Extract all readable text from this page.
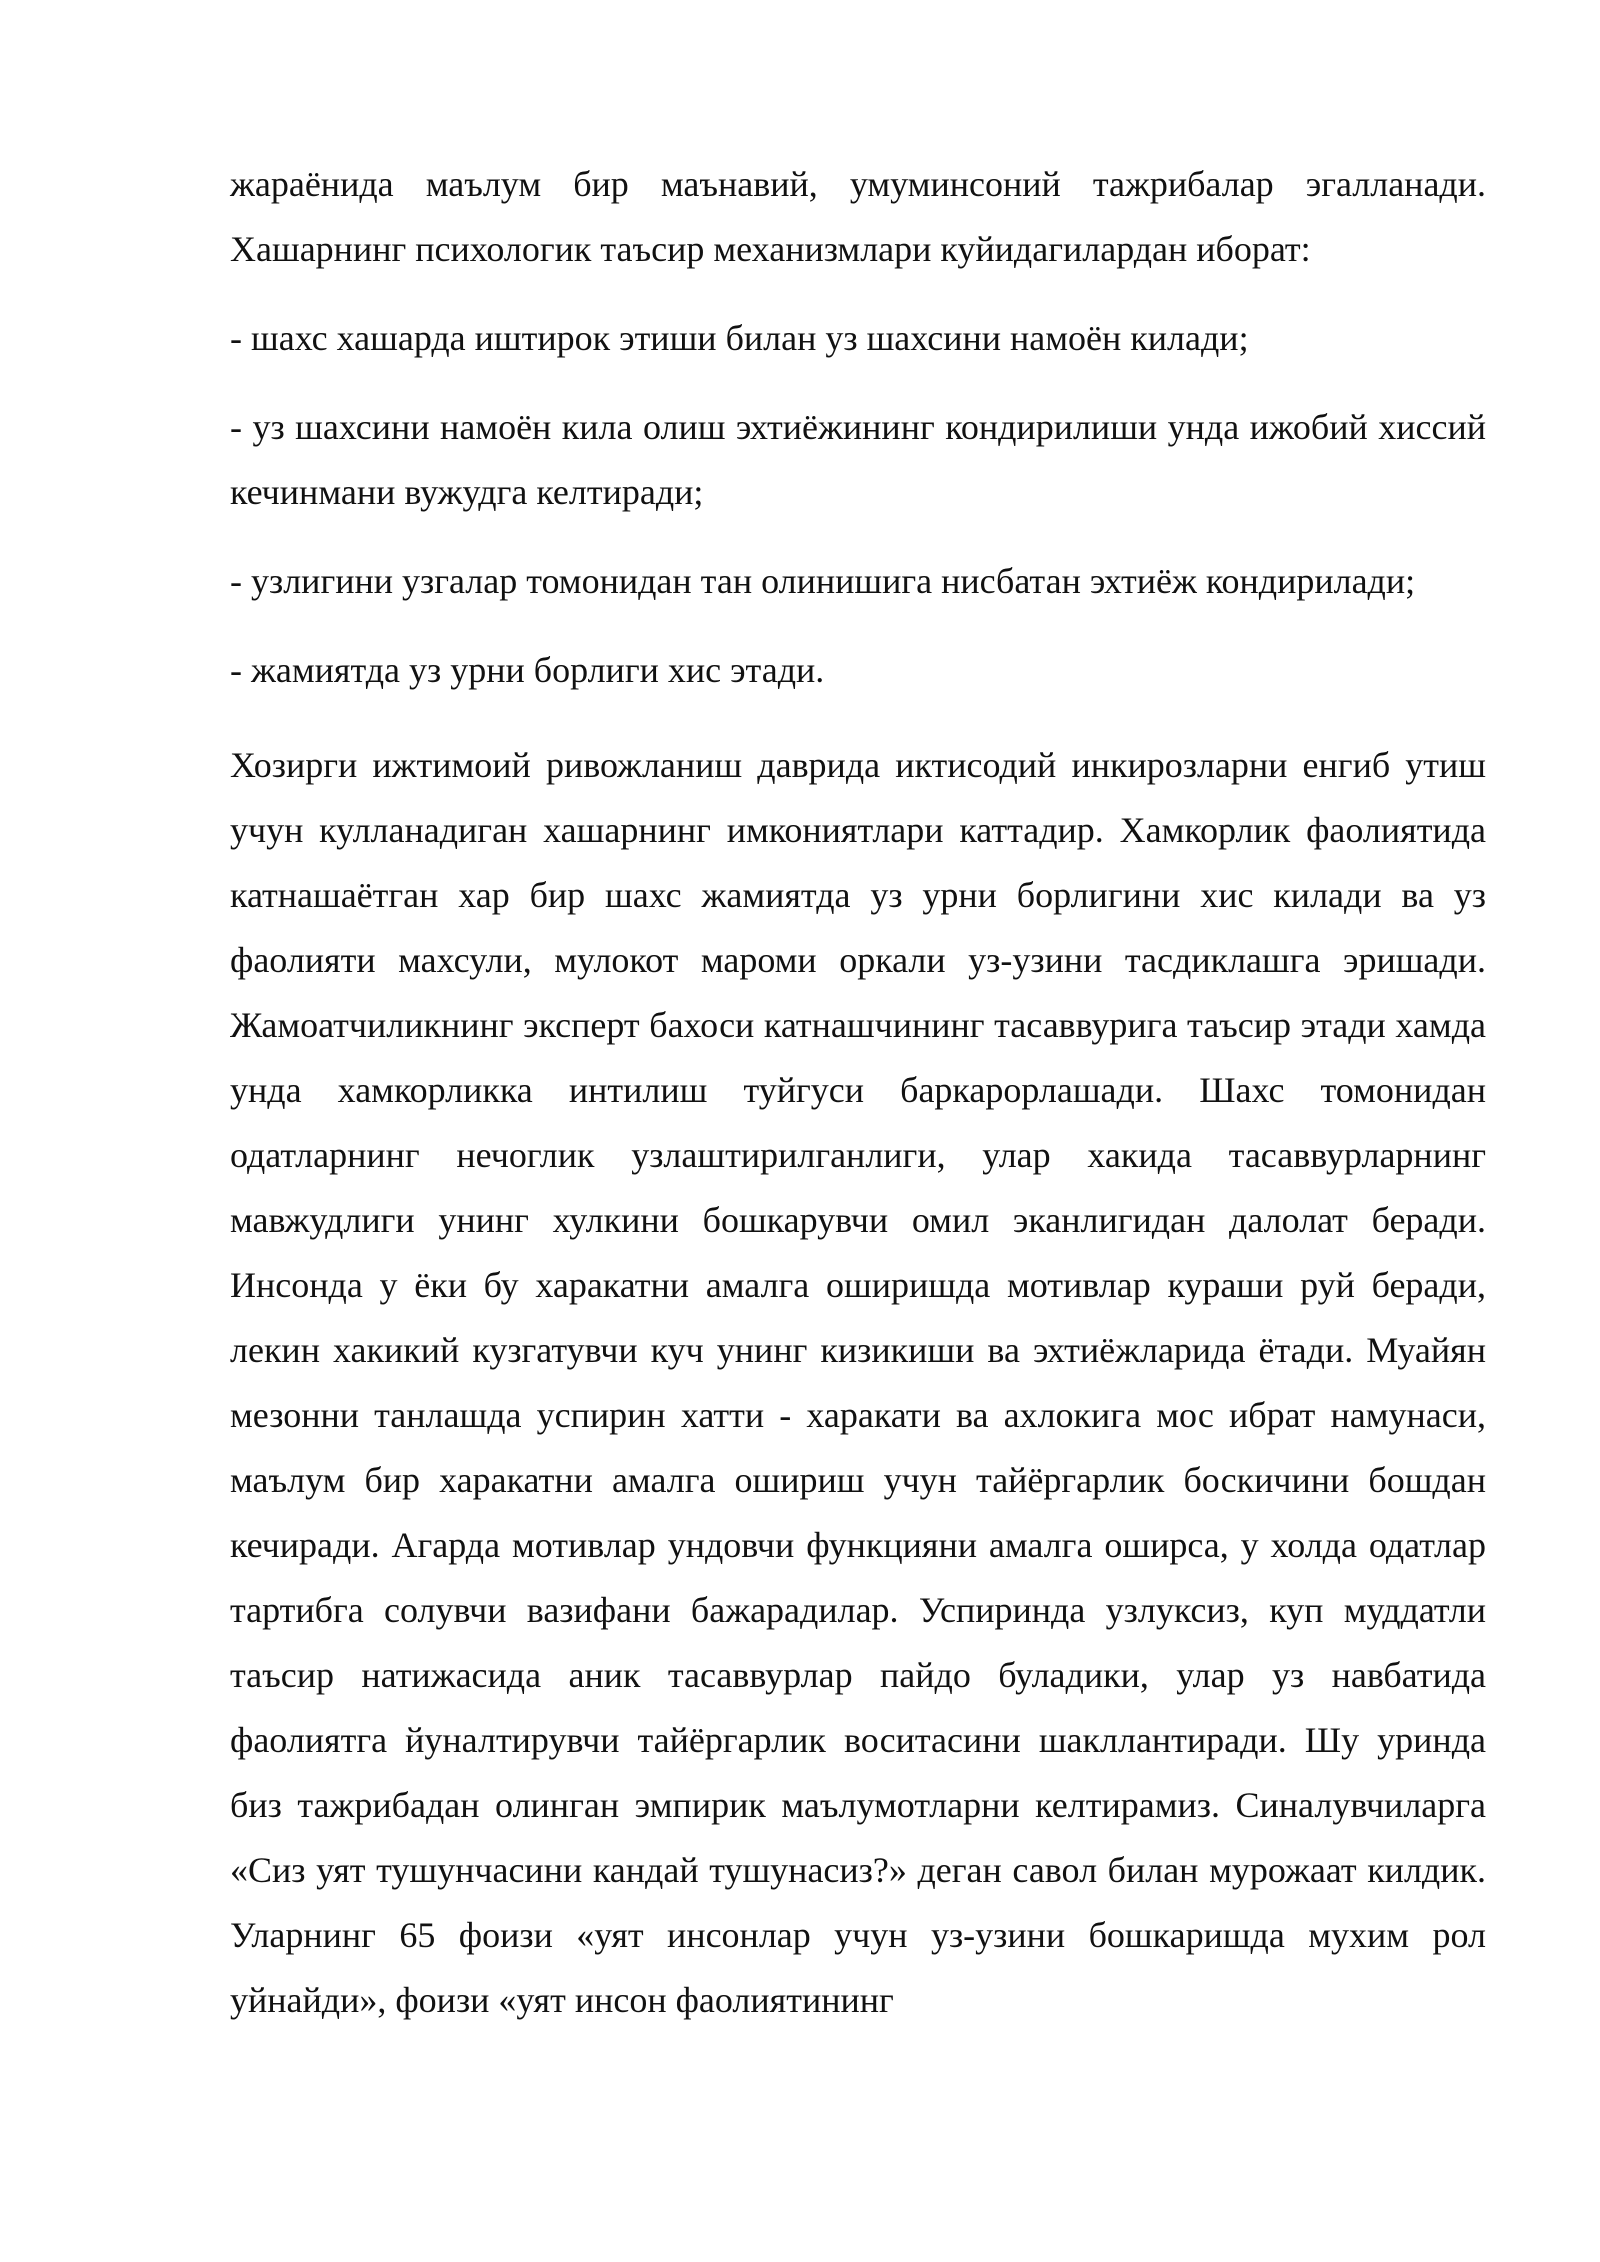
жараёнида маълум бир маънавий, умуминсоний тажрибалар эгалланади. Хашарнинг психологик таъсир механизмлари куйидагилардан иборат:

- шахс хашарда иштирок этиши билан уз шахсини намоён килади;

- уз шахсини намоён кила олиш эхтиёжининг кондирилиши унда ижобий хиссий кечинмани вужудга келтиради;

- узлигини узгалар томонидан тан олинишига нисбатан эхтиёж кондирилади;

- жамиятда уз урни борлиги хис этади.

Хозирги ижтимоий ривожланиш даврида иктисодий инкирозларни енгиб утиш учун кулланадиган хашарнинг имкониятлари каттадир. Хамкорлик фаолиятида катнашаётган хар бир шахс жамиятда уз урни борлигини хис килади ва уз фаолияти махсули, мулокот мароми оркали уз-узини тасдиклашга эришади. Жамоатчиликнинг эксперт бахоси катнашчининг тасаввурига таъсир этади хамда унда хамкорликка интилиш туйгуси баркарорлашади. Шахс томонидан одатларнинг нечоглик узлаштирилганлиги, улар хакида тасаввурларнинг мавжудлиги унинг хулкини бошкарувчи омил эканлигидан далолат беради. Инсонда у ёки бу харакатни амалга оширишда мотивлар кураши руй беради, лекин хакикий кузгатувчи куч унинг кизикиши ва эхтиёжларида ётади. Муайян мезонни танлашда успирин хатти - харакати ва ахлокига мос ибрат намунаси, маълум бир харакатни амалга ошириш учун тайёргарлик боскичини бошдан кечиради. Агарда мотивлар ундовчи функцияни амалга оширса, у холда одатлар тартибга солувчи вазифани бажарадилар. Успиринда узлуксиз, куп муддатли таъсир натижасида аник тасаввурлар пайдо буладики, улар уз навбатида фаолиятга йуналтирувчи тайёргарлик воситасини шакллантиради. Шу уринда биз тажрибадан олинган эмпирик маълумотларни келтирамиз. Синалувчиларга «Сиз уят тушунчасини кандай тушунасиз?» деган савол билан мурожаат килдик. Уларнинг 65 фоизи «уят инсонлар учун уз-узини бошкаришда мухим рол уйнайди», фоизи «уят инсон фаолиятининг
